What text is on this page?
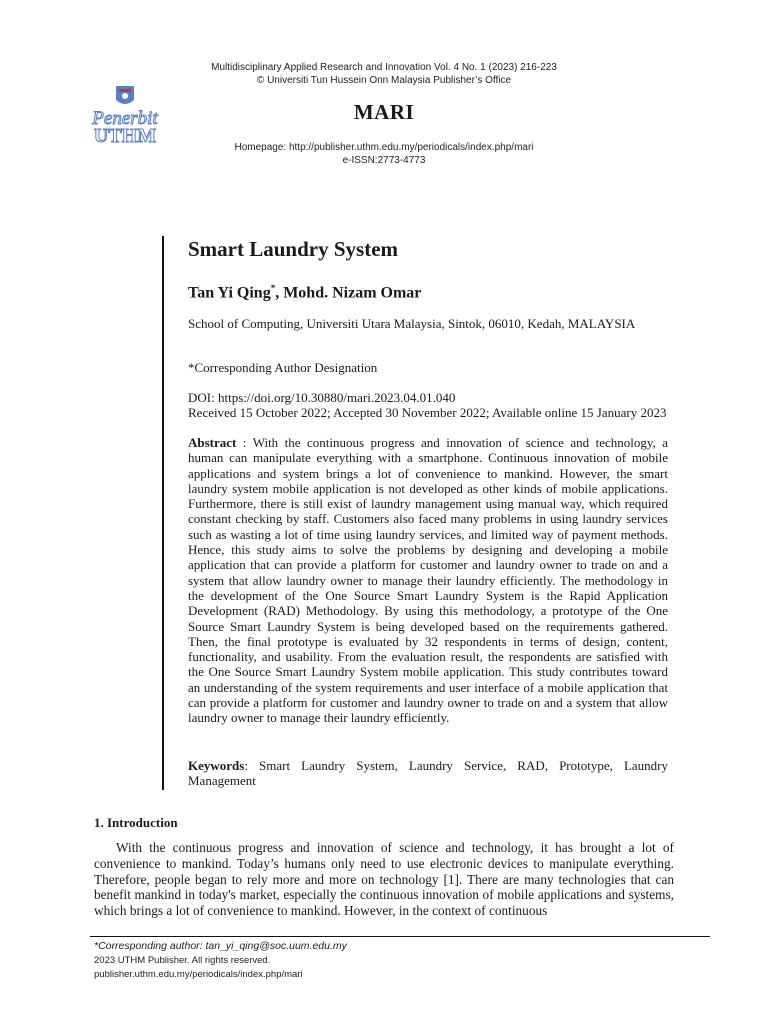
Multidisciplinary Applied Research and Innovation Vol. 4 No. 1 (2023) 216-223
© Universiti Tun Hussein Onn Malaysia Publisher’s Office
Penerbit
UTHM
MARI
Homepage: http://publisher.uthm.edu.my/periodicals/index.php/mari
e-ISSN:2773-4773
Smart Laundry System
Tan Yi Qing*, Mohd. Nizam Omar
School of Computing, Universiti Utara Malaysia, Sintok, 06010, Kedah, MALAYSIA
*Corresponding Author Designation
DOI: https://doi.org/10.30880/mari.2023.04.01.040
Received 15 October 2022; Accepted 30 November 2022; Available online 15 January 2023
Abstract : With the continuous progress and innovation of science and technology, a human can manipulate everything with a smartphone. Continuous innovation of mobile applications and system brings a lot of convenience to mankind. However, the smart laundry system mobile application is not developed as other kinds of mobile applications. Furthermore, there is still exist of laundry management using manual way, which required constant checking by staff. Customers also faced many problems in using laundry services such as wasting a lot of time using laundry services, and limited way of payment methods. Hence, this study aims to solve the problems by designing and developing a mobile application that can provide a platform for customer and laundry owner to trade on and a system that allow laundry owner to manage their laundry efficiently. The methodology in the development of the One Source Smart Laundry System is the Rapid Application Development (RAD) Methodology. By using this methodology, a prototype of the One Source Smart Laundry System is being developed based on the requirements gathered. Then, the final prototype is evaluated by 32 respondents in terms of design, content, functionality, and usability. From the evaluation result, the respondents are satisfied with the One Source Smart Laundry System mobile application. This study contributes toward an understanding of the system requirements and user interface of a mobile application that can provide a platform for customer and laundry owner to trade on and a system that allow laundry owner to manage their laundry efficiently.
Keywords: Smart Laundry System, Laundry Service, RAD, Prototype, Laundry Management
1. Introduction

With the continuous progress and innovation of science and technology, it has brought a lot of convenience to mankind. Today’s humans only need to use electronic devices to manipulate everything. Therefore, people began to rely more and more on technology [1]. There are many technologies that can benefit mankind in today's market, especially the continuous innovation of mobile applications and systems, which brings a lot of convenience to mankind. However, in the context of continuous

*Corresponding author: tan_yi_qing@soc.uum.edu.my
2023 UTHM Publisher. All rights reserved.
publisher.uthm.edu.my/periodicals/index.php/mari
